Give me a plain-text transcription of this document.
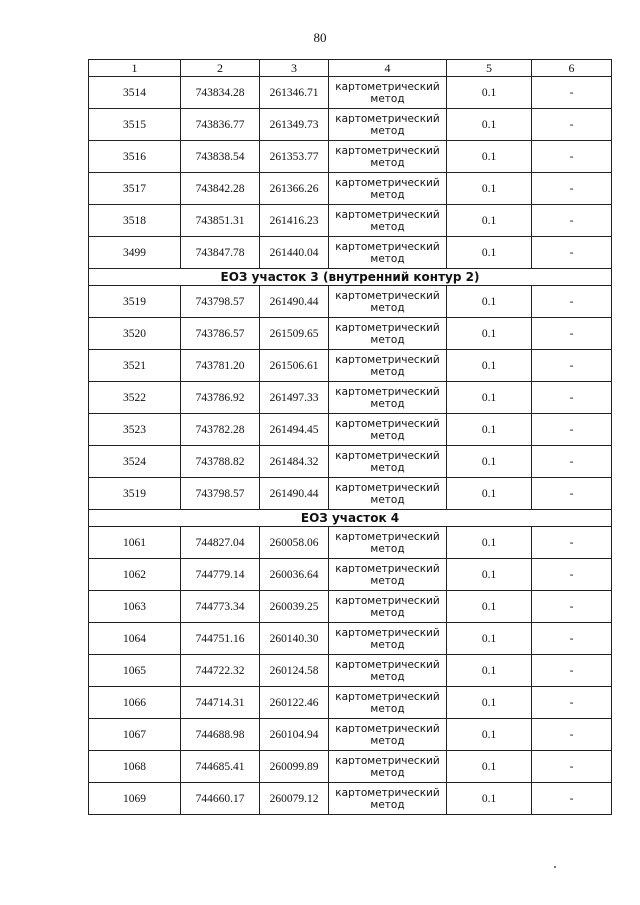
80
1	2	3	4	5	6
3514	743834.28	261346.71	картометрический метод	0.1	-
3515	743836.77	261349.73	картометрический метод	0.1	-
3516	743838.54	261353.77	картометрический метод	0.1	-
3517	743842.28	261366.26	картометрический метод	0.1	-
3518	743851.31	261416.23	картометрический метод	0.1	-
3499	743847.78	261440.04	картометрический метод	0.1	-
ЕОЗ участок 3 (внутренний контур 2)					
3519	743798.57	261490.44	картометрический метод	0.1	-
3520	743786.57	261509.65	картометрический метод	0.1	-
3521	743781.20	261506.61	картометрический метод	0.1	-
3522	743786.92	261497.33	картометрический метод	0.1	-
3523	743782.28	261494.45	картометрический метод	0.1	-
3524	743788.82	261484.32	картометрический метод	0.1	-
3519	743798.57	261490.44	картометрический метод	0.1	-
ЕОЗ участок 4					
1061	744827.04	260058.06	картометрический метод	0.1	-
1062	744779.14	260036.64	картометрический метод	0.1	-
1063	744773.34	260039.25	картометрический метод	0.1	-
1064	744751.16	260140.30	картометрический метод	0.1	-
1065	744722.32	260124.58	картометрический метод	0.1	-
1066	744714.31	260122.46	картометрический метод	0.1	-
1067	744688.98	260104.94	картометрический метод	0.1	-
1068	744685.41	260099.89	картометрический метод	0.1	-
1069	744660.17	260079.12	картометрический метод	0.1	-
